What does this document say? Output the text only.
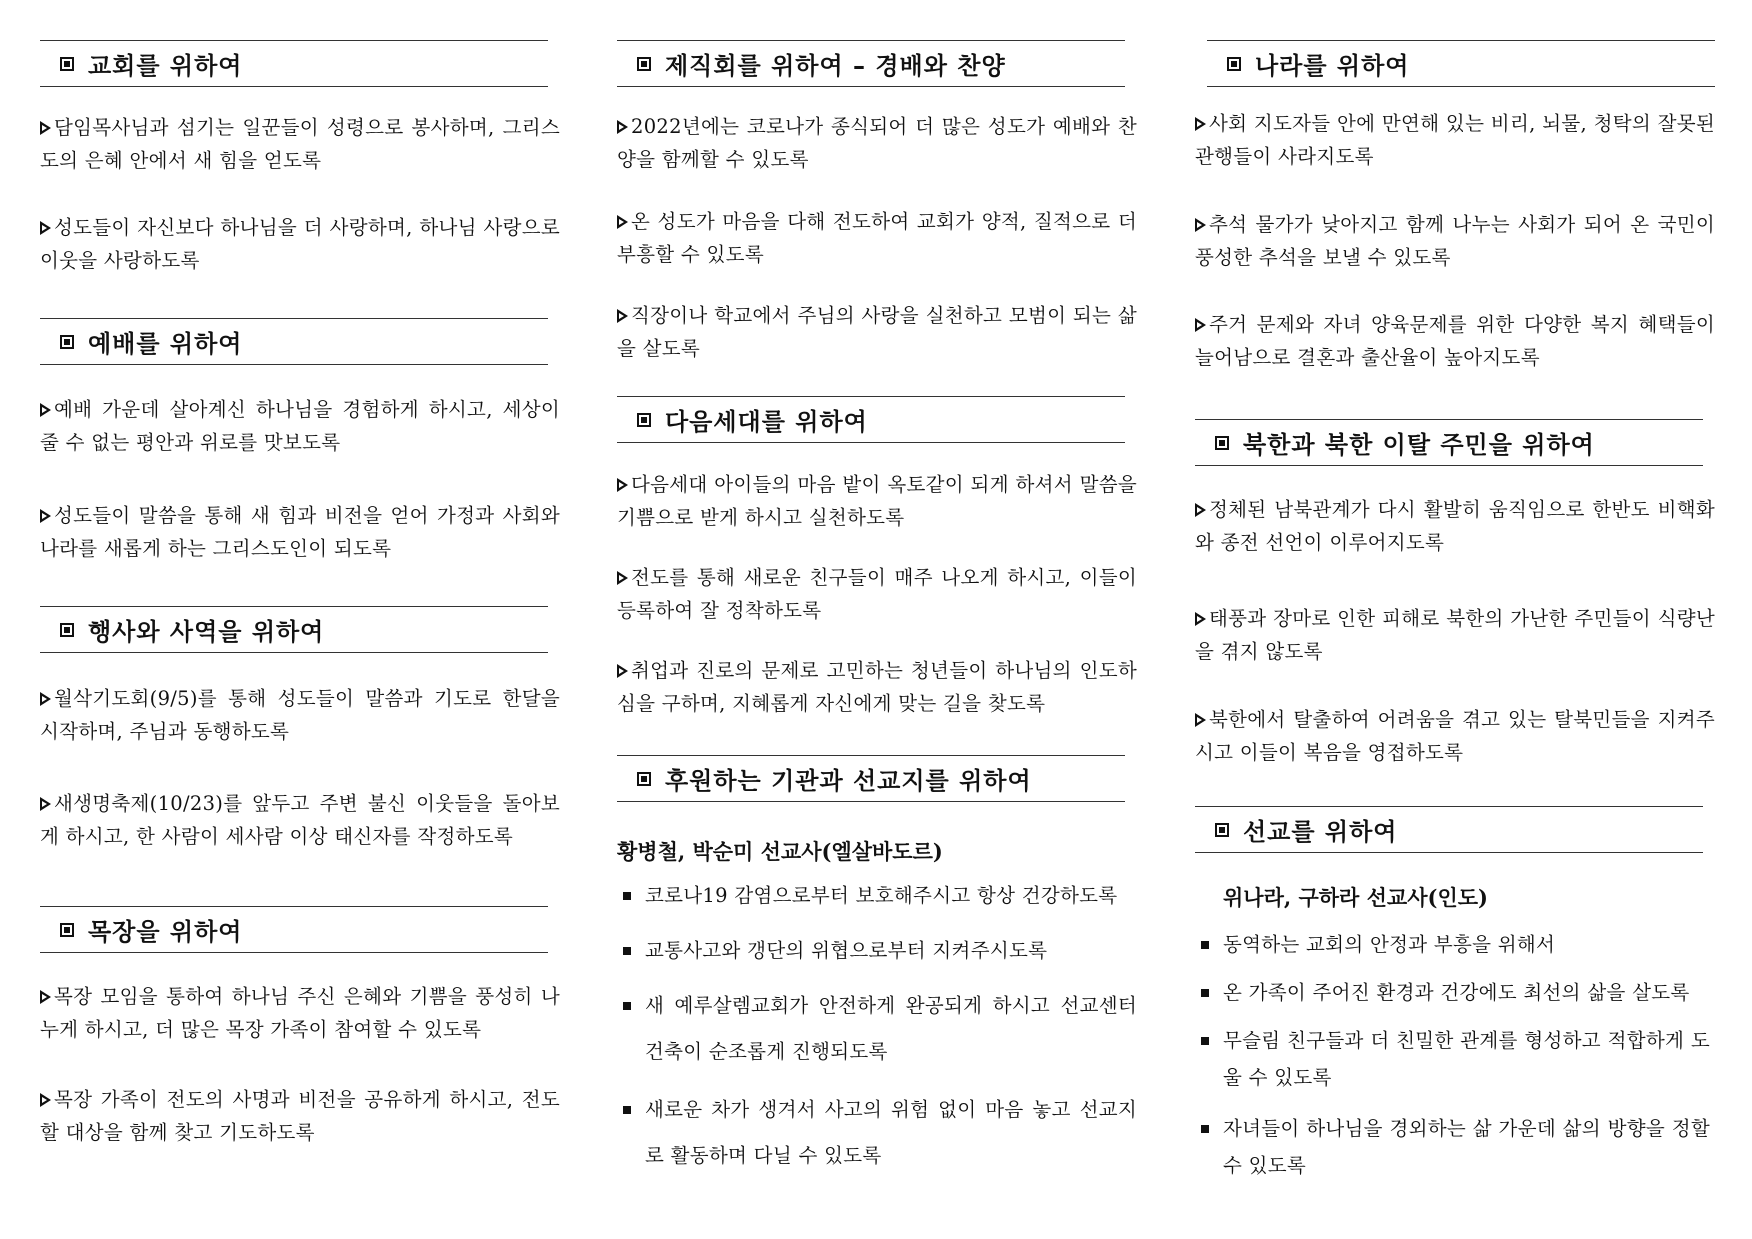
교회를 위하여
담임목사님과 섬기는 일꾼들이 성령으로 봉사하며, 그리스도의 은혜 안에서 새 힘을 얻도록
성도들이 자신보다 하나님을 더 사랑하며, 하나님 사랑으로 이웃을 사랑하도록
예배를 위하여
예배 가운데 살아계신 하나님을 경험하게 하시고, 세상이 줄 수 없는 평안과 위로를 맛보도록
성도들이 말씀을 통해 새 힘과 비전을 얻어 가정과 사회와 나라를 새롭게 하는 그리스도인이 되도록
행사와 사역을 위하여
월삭기도회(9/5)를 통해 성도들이 말씀과 기도로 한달을 시작하며, 주님과 동행하도록
새생명축제(10/23)를 앞두고 주변 불신 이웃들을 돌아보게 하시고, 한 사람이 세사람 이상 태신자를 작정하도록
목장을 위하여
목장 모임을 통하여 하나님 주신 은혜와 기쁨을 풍성히 나누게 하시고, 더 많은 목장 가족이 참여할 수 있도록
목장 가족이 전도의 사명과 비전을 공유하게 하시고, 전도할 대상을 함께 찾고 기도하도록
제직회를 위하여 – 경배와 찬양
2022년에는 코로나가 종식되어 더 많은 성도가 예배와 찬양을 함께할 수 있도록
온 성도가 마음을 다해 전도하여 교회가 양적, 질적으로 더 부흥할 수 있도록
직장이나 학교에서 주님의 사랑을 실천하고 모범이 되는 삶을 살도록
다음세대를 위하여
다음세대 아이들의 마음 밭이 옥토같이 되게 하셔서 말씀을 기쁨으로 받게 하시고 실천하도록
전도를 통해 새로운 친구들이 매주 나오게 하시고, 이들이 등록하여 잘 정착하도록
취업과 진로의 문제로 고민하는 청년들이 하나님의 인도하심을 구하며, 지혜롭게 자신에게 맞는 길을 찾도록
후원하는 기관과 선교지를 위하여
황병철, 박순미 선교사(엘살바도르)
코로나19 감염으로부터 보호해주시고 항상 건강하도록
교통사고와 갱단의 위협으로부터 지켜주시도록
새 예루살렘교회가 안전하게 완공되게 하시고 선교센터 건축이 순조롭게 진행되도록
새로운 차가 생겨서 사고의 위험 없이 마음 놓고 선교지로 활동하며 다닐 수 있도록
나라를 위하여
사회 지도자들 안에 만연해 있는 비리, 뇌물, 청탁의 잘못된 관행들이 사라지도록
추석 물가가 낮아지고 함께 나누는 사회가 되어 온 국민이 풍성한 추석을 보낼 수 있도록
주거 문제와 자녀 양육문제를 위한 다양한 복지 혜택들이 늘어남으로 결혼과 출산율이 높아지도록
북한과 북한 이탈 주민을 위하여
정체된 남북관계가 다시 활발히 움직임으로 한반도 비핵화와 종전 선언이 이루어지도록
태풍과 장마로 인한 피해로 북한의 가난한 주민들이 식량난을 겪지 않도록
북한에서 탈출하여 어려움을 겪고 있는 탈북민들을 지켜주시고 이들이 복음을 영접하도록
선교를 위하여
위나라, 구하라 선교사(인도)
동역하는 교회의 안정과 부흥을 위해서
온 가족이 주어진 환경과 건강에도 최선의 삶을 살도록
무슬림 친구들과 더 친밀한 관계를 형성하고 적합하게 도울 수 있도록
자녀들이 하나님을 경외하는 삶 가운데 삶의 방향을 정할 수 있도록
